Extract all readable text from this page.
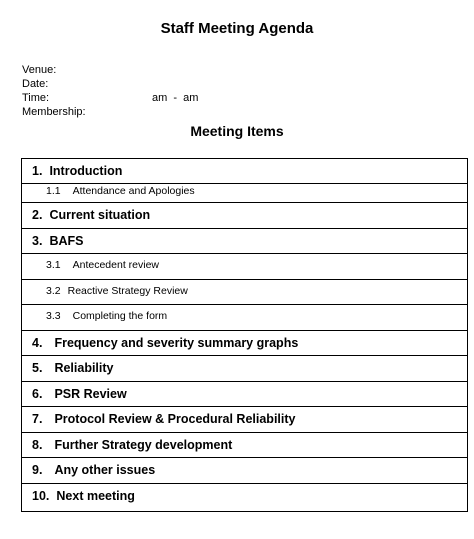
Staff Meeting Agenda
Venue:
Date:
Time:	am  -  am
Membership:
Meeting Items
1. Introduction
1.1 Attendance and Apologies
2. Current situation
3. BAFS
3.1 Antecedent review
3.2 Reactive Strategy Review
3.3 Completing the form
4. Frequency and severity summary graphs
5. Reliability
6. PSR Review
7. Protocol Review & Procedural Reliability
8. Further Strategy development
9. Any other issues
10. Next meeting
